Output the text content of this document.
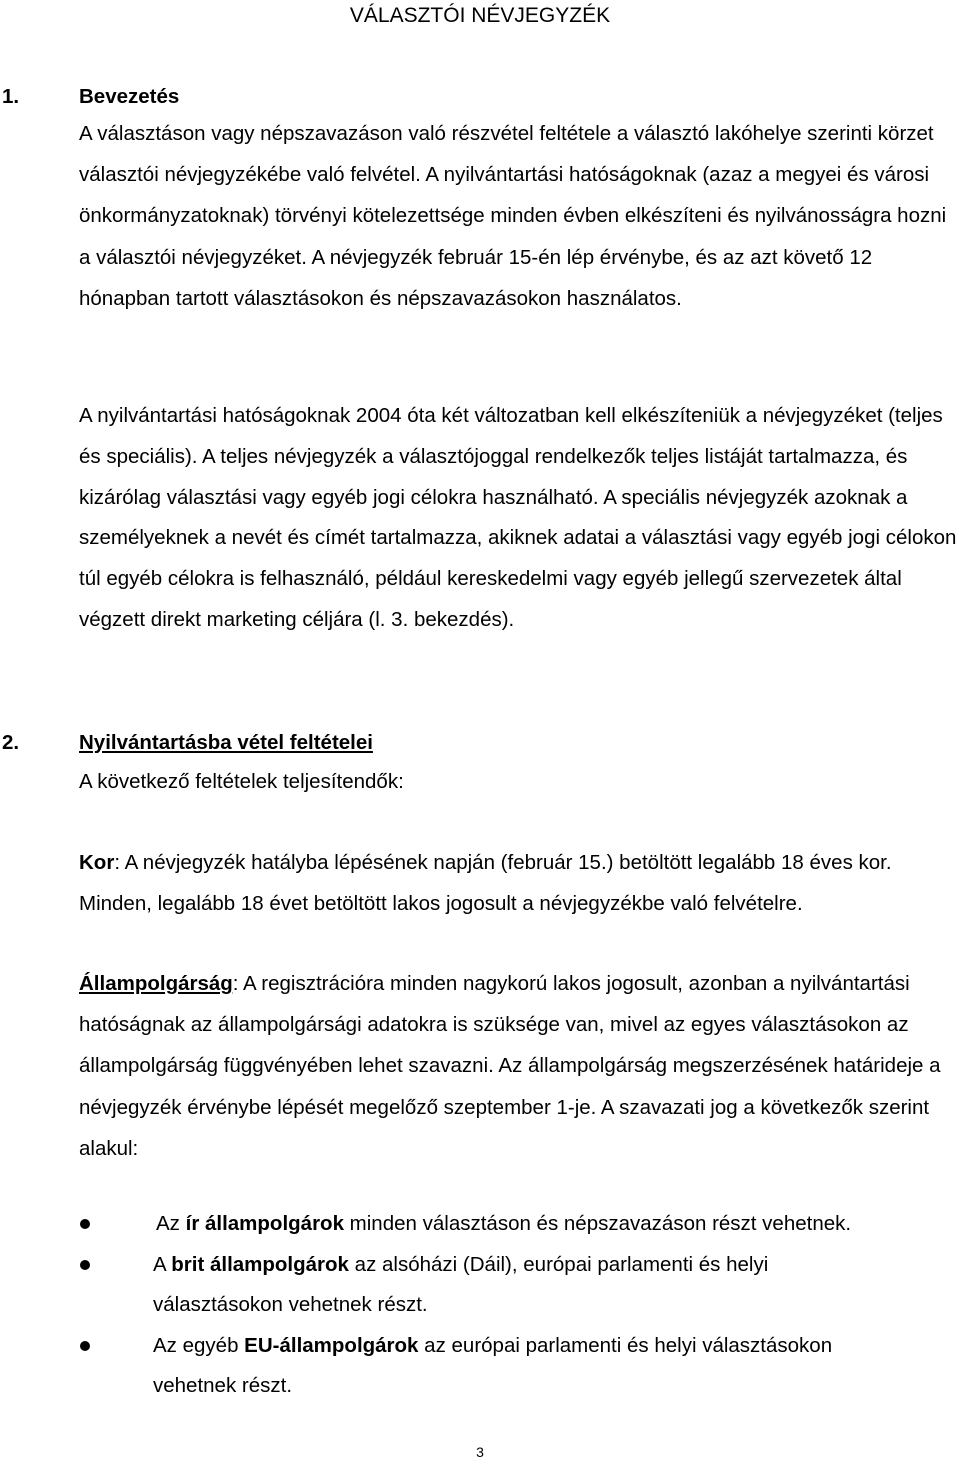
VÁLASZTÓI NÉVJEGYZÉK
1.	Bevezetés

A választáson vagy népszavazáson való részvétel feltétele a választó lakóhelye szerinti körzet választói névjegyzékébe való felvétel. A nyilvántartási hatóságoknak (azaz a megyei és városi önkormányzatoknak) törvényi kötelezettsége minden évben elkészíteni és nyilvánosságra hozni a választói névjegyzéket. A névjegyzék február 15-én lép érvénybe, és az azt követő 12 hónapban tartott választásokon és népszavazásokon használatos.

A nyilvántartási hatóságoknak 2004 óta két változatban kell elkészíteniük a névjegyzéket (teljes és speciális). A teljes névjegyzék a választójoggal rendelkezők teljes listáját tartalmazza, és kizárólag választási vagy egyéb jogi célokra használható. A speciális névjegyzék azoknak a személyeknek a nevét és címét tartalmazza, akiknek adatai a választási vagy egyéb jogi célokon túl egyéb célokra is felhasználó, például kereskedelmi vagy egyéb jellegű szervezetek által végzett direkt marketing céljára (l. 3. bekezdés).

2.	Nyilvántartásba vétel feltételei

A következő feltételek teljesítendők:

Kor: A névjegyzék hatályba lépésének napján (február 15.) betöltött legalább 18 éves kor. Minden, legalább 18 évet betöltött lakos jogosult a névjegyzékbe való felvételre.

Állampolgárság: A regisztrációra minden nagykorú lakos jogosult, azonban a nyilvántartási hatóságnak az állampolgársági adatokra is szüksége van, mivel az egyes választásokon az állampolgárság függvényében lehet szavazni. Az állampolgárság megszerzésének határideje a névjegyzék érvénybe lépését megelőző szeptember 1-je. A szavazati jog a következők szerint alakul:

Az ír állampolgárok minden választáson és népszavazáson részt vehetnek.
A brit állampolgárok az alsóházi (Dáil), európai parlamenti és helyi választásokon vehetnek részt.
Az egyéb EU-állampolgárok az európai parlamenti és helyi választásokon vehetnek részt.
3
